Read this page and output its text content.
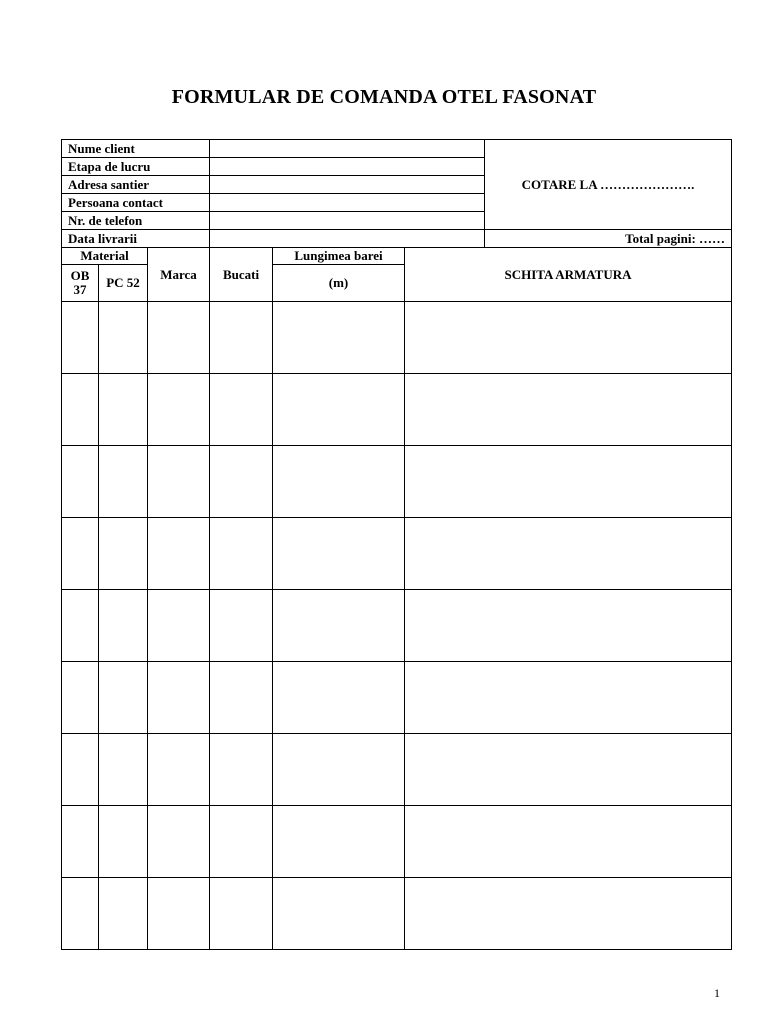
FORMULAR DE COMANDA OTEL FASONAT
Nume client						COTARE LA ………………….
Etapa de lucru						
Adresa santier						
Persoana contact						
Nr. de telefon						
Data livrarii						Total pagini: ……
Material		Marca	Bucati	Lungimea barei	SCHITA ARMATURA	
OB 37	PC 52			(m)		

1
